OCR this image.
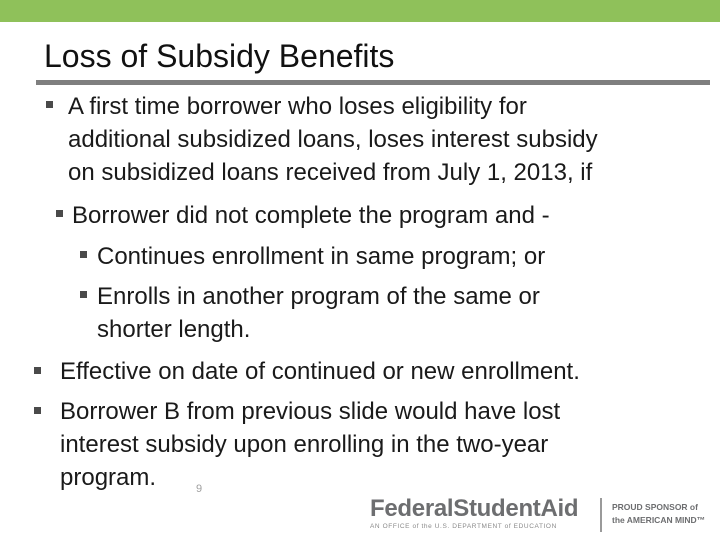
Loss of Subsidy Benefits
A first time borrower who loses eligibility for
additional subsidized loans, loses interest subsidy
on subsidized loans received from July 1, 2013, if
Borrower did not complete the program and -
Continues enrollment in same program; or
Enrolls in another program of the same or
shorter length.
Effective on date of continued or new enrollment.
Borrower B from previous slide would have lost
interest subsidy upon enrolling in the two-year
program.	9
FederalStudentAid
AN OFFICE of the U.S. DEPARTMENT of EDUCATION
PROUD SPONSOR of
the AMERICAN MIND™
